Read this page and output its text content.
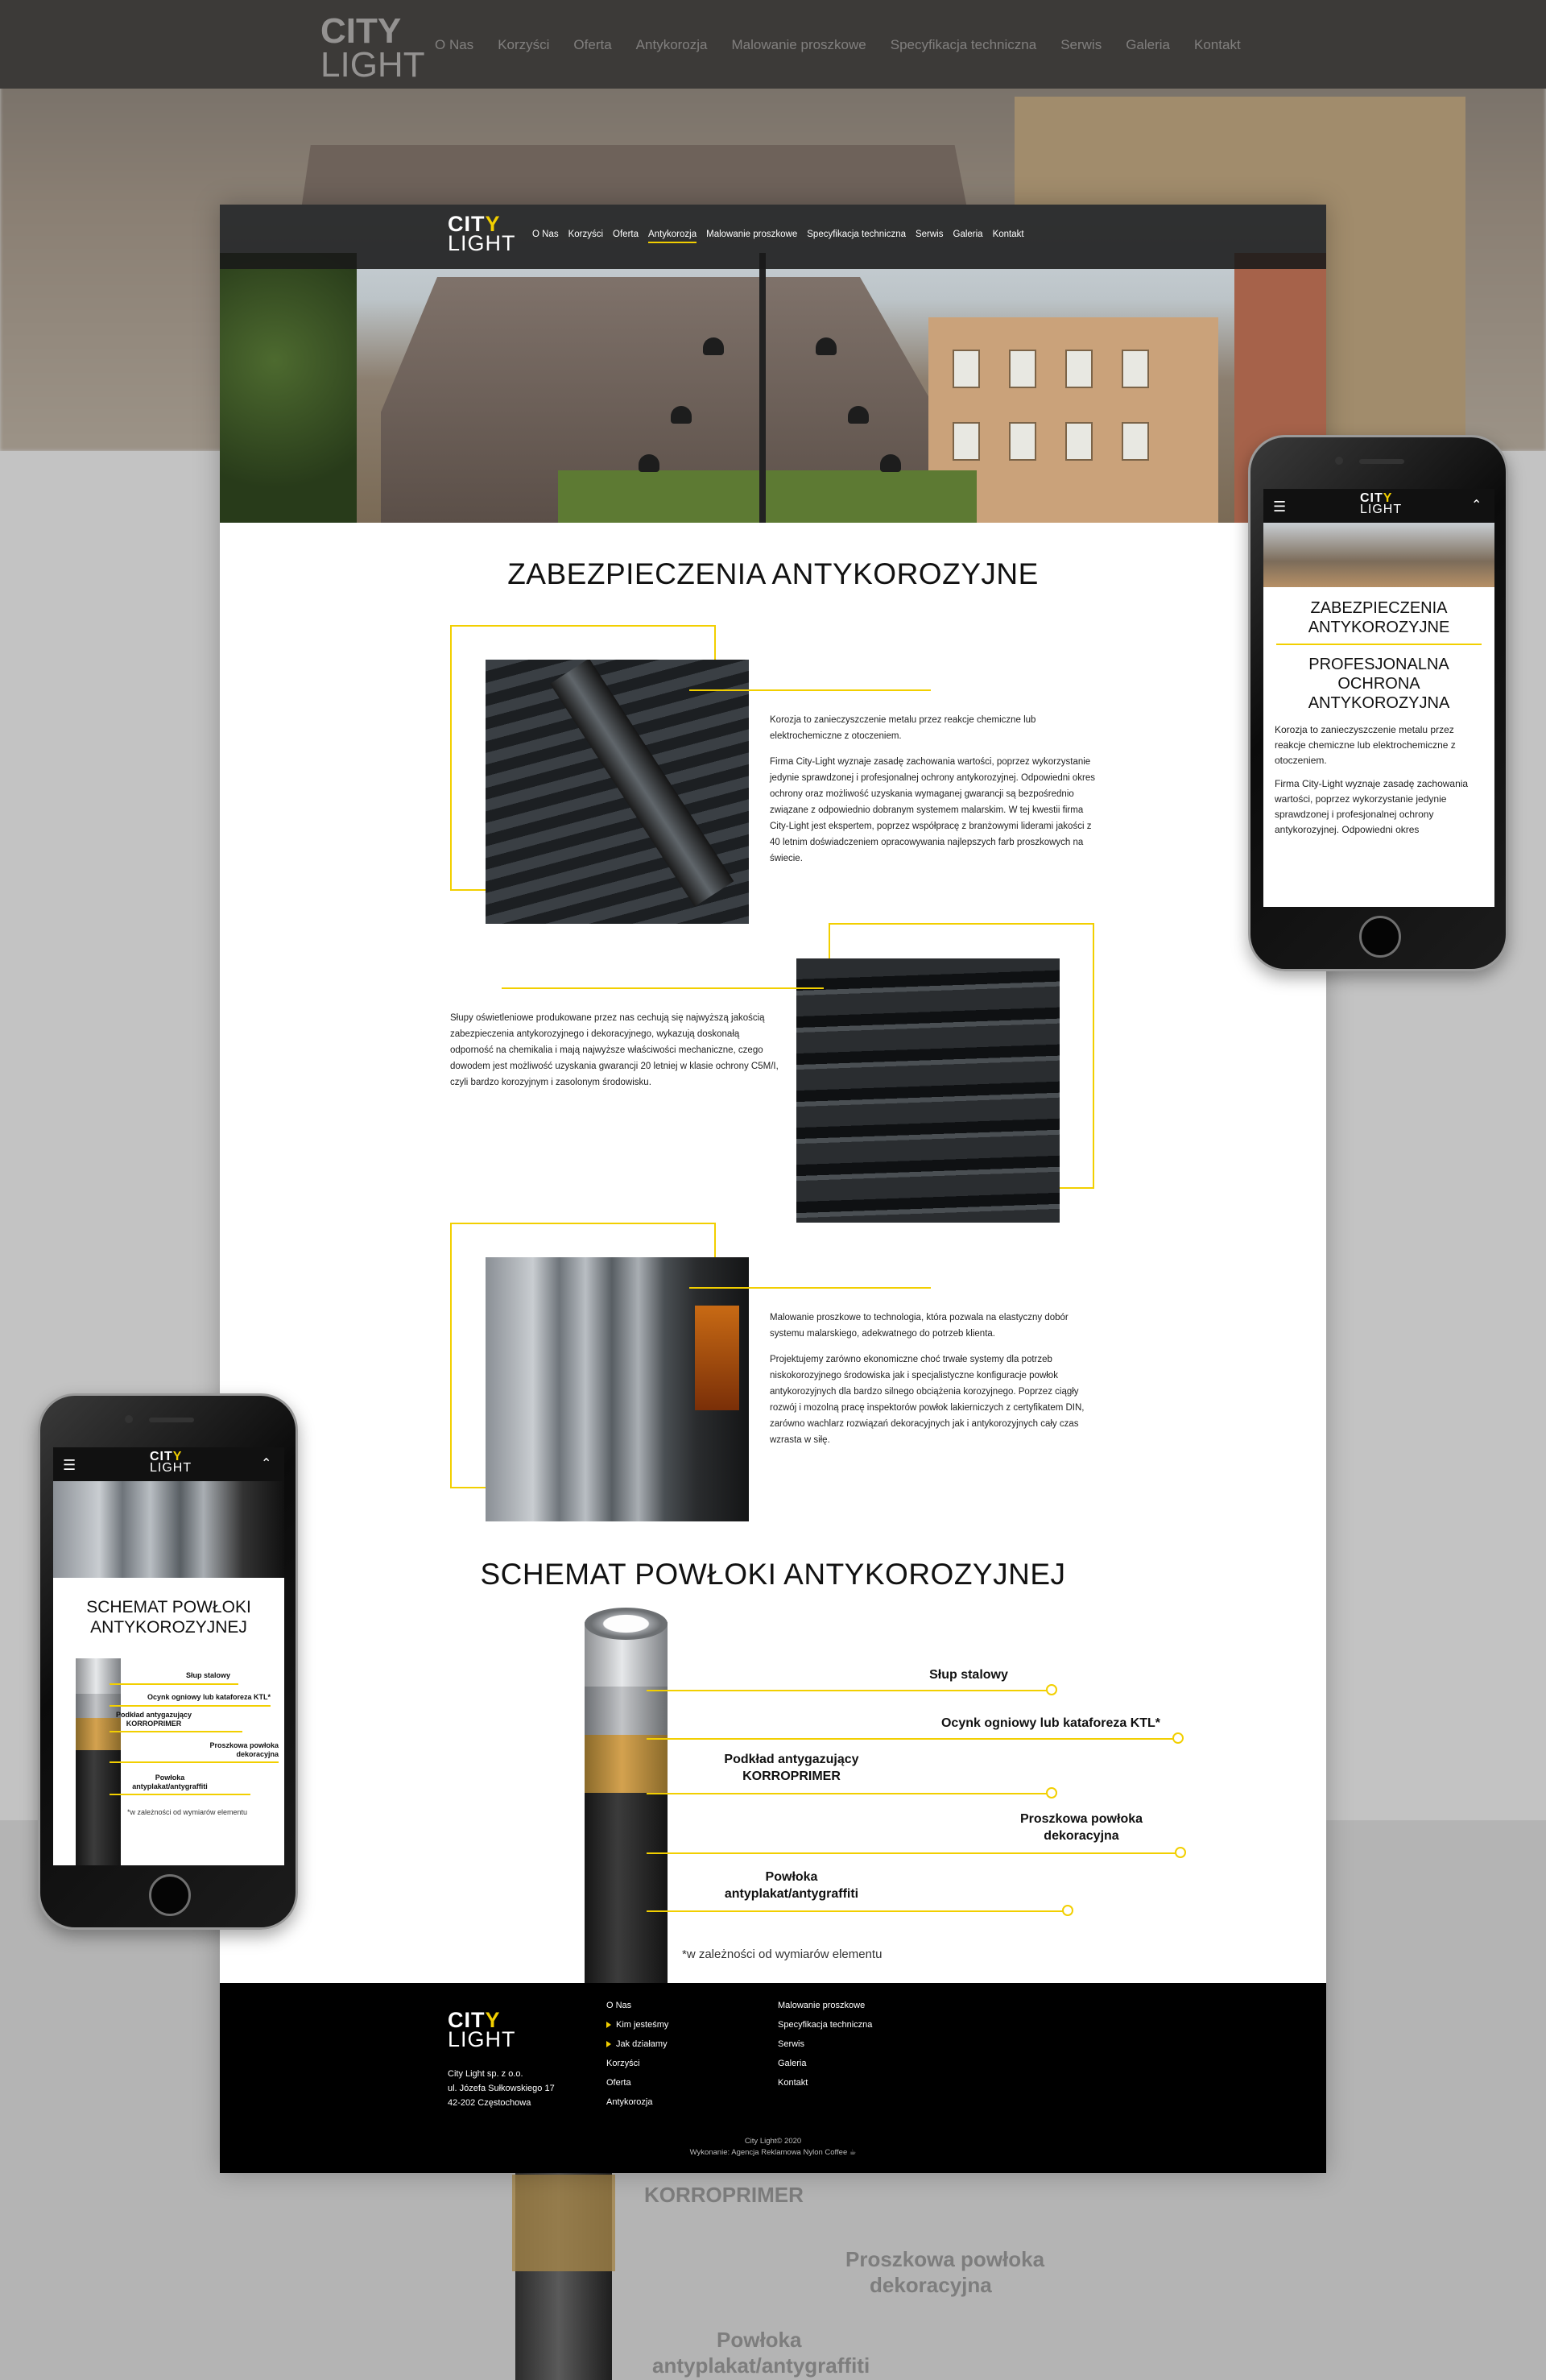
CITY
LIGHT
O Nas Korzyści Oferta Antykorozja Malowanie proszkowe Specyfikacja techniczna Serwis Galeria Kontakt
KORROPRIMER
Proszkowa powłoka
dekoracyjna
Powłoka
antyplakat/antygraffiti
CITY
LIGHT O Nas Korzyści Oferta Antykorozja Malowanie proszkowe Specyfikacja techniczna Serwis Galeria Kontakt
ZABEZPIECZENIA ANTYKOROZYJNE

Korozja to zanieczyszczenie metalu przez reakcje chemiczne lub elektrochemiczne z otoczeniem.

Firma City-Light wyznaje zasadę zachowania wartości, poprzez wykorzystanie jedynie sprawdzonej i profesjonalnej ochrony antykorozyjnej. Odpowiedni okres ochrony oraz możliwość uzyskania wymaganej gwarancji są bezpośrednio związane z odpowiednio dobranym systemem malarskim. W tej kwestii firma City-Light jest ekspertem, poprzez współpracę z branżowymi liderami jakości z 40 letnim doświadczeniem opracowywania najlepszych farb proszkowych na świecie.

Słupy oświetleniowe produkowane przez nas cechują się najwyższą jakością zabezpieczenia antykorozyjnego i dekoracyjnego, wykazują doskonałą odporność na chemikalia i mają najwyższe właściwości mechaniczne, czego dowodem jest możliwość uzyskania gwarancji 20 letniej w klasie ochrony C5M/I, czyli bardzo korozyjnym i zasolonym środowisku.

Malowanie proszkowe to technologia, która pozwala na elastyczny dobór systemu malarskiego, adekwatnego do potrzeb klienta.

Projektujemy zarówno ekonomiczne choć trwałe systemy dla potrzeb niskokorozyjnego środowiska jak i specjalistyczne konfiguracje powłok antykorozyjnych dla bardzo silnego obciążenia korozyjnego. Poprzez ciągły rozwój i mozolną pracę inspektorów powłok lakierniczych z certyfikatem DIN, zarówno wachlarz rozwiązań dekoracyjnych jak i antykorozyjnych cały czas wzrasta w siłę.

SCHEMAT POWŁOKI ANTYKOROZYJNEJ
Słup stalowy
Ocynk ogniowy lub kataforeza KTL*
Podkład antygazujący
KORROPRIMER
Proszkowa powłoka
dekoracyjna
Powłoka
antyplakat/antygraffiti
*w zależności od wymiarów elementu
CITY
LIGHT
City Light sp. z o.o.
ul. Józefa Sułkowskiego 17
42-202 Częstochowa
O Nas
Kim jesteśmy
Jak działamy
Korzyści
Oferta
Antykorozja
Malowanie proszkowe
Specyfikacja techniczna
Serwis
Galeria
Kontakt
City Light© 2020
Wykonanie: Agencja Reklamowa Nylon Coffee ☕
☰
CITY
LIGHT	⌃
ZABEZPIECZENIA ANTYKOROZYJNE
PROFESJONALNA OCHRONA ANTYKOROZYJNA

Korozja to zanieczyszczenie metalu przez reakcje chemiczne lub elektrochemiczne z otoczeniem.

Firma City-Light wyznaje zasadę zachowania wartości, poprzez wykorzystanie jedynie sprawdzonej i profesjonalnej ochrony antykorozyjnej. Odpowiedni okres

☰
CITY
LIGHT	⌃
SCHEMAT POWŁOKI ANTYKOROZYJNEJ
Słup stalowy
Ocynk ogniowy lub kataforeza KTL*
Podkład antygazujący
KORROPRIMER
Proszkowa powłoka
dekoracyjna
Powłoka
antyplakat/antygraffiti
*w zależności od wymiarów elementu
